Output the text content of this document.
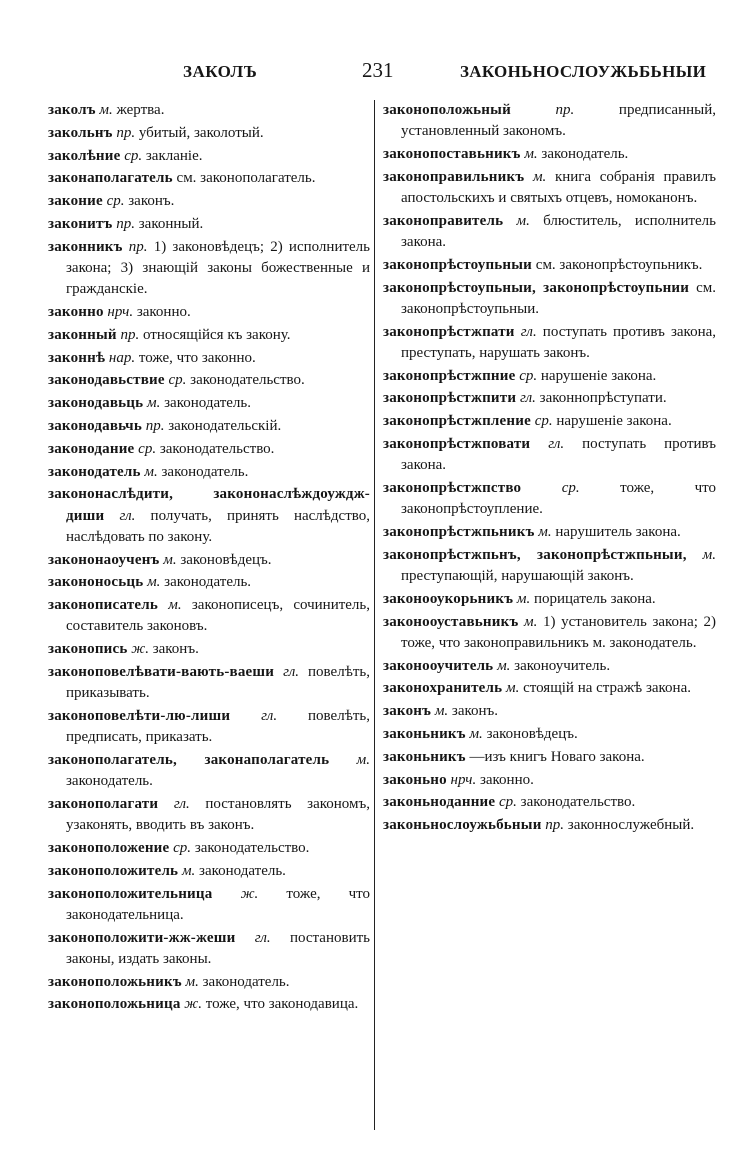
ЗАКОЛЪ	231	ЗАКОНЬНОСЛОУЖЬБЬНЫИ
заколъ м. жертва.
закольнъ пр. убитый, заколотый.
заколѣние ср. закланіе.
законаполагатель см. законополагатель.
законие ср. законъ.
законитъ пр. законный.
законникъ пр. 1) законовѣдецъ; 2) исполнитель закона; 3) знающій законы божественные и гражданскіе.
законно нрч. законно.
законный пр. относящійся къ закону.
законнѣ нар. тоже, что законно.
законодавьствие ср. законодательство.
законодавьць м. законодатель.
законодавьчь пр. законодательскій.
законодание ср. законодательство.
законодатель м. законодатель.
закононаслѣдити, закононаслѣждоуждж-диши гл. получать, принять наслѣдство, наслѣдовать по закону.
закононаоученъ м. законовѣдецъ.
закононосьць м. законодатель.
законописатель м. законописецъ, сочинитель, составитель законовъ.
законопись ж. законъ.
законоповелѣвати-вають-ваеши гл. повелѣть, приказывать.
законоповелѣти-лю-лиши гл. повелѣть, предписать, приказать.
законополагатель, законаполагатель м. законодатель.
законополагати гл. постановлять закономъ, узаконять, вводить въ законъ.
законоположение ср. законодательство.
законоположитель м. законодатель.
законоположительница ж. тоже, что законодательница.
законоположити-жж-жеши гл. постановить законы, издать законы.
законоположьникъ м. законодатель.
законоположьница ж. тоже, что законодавица.
законоположьный	пр.	предписанный, установленный закономъ.
законопоставьникъ м. законодатель.
законоправильникъ м. книга собранія правилъ апостольскихъ и святыхъ отцевъ, номоканонъ.
законоправитель м. блюститель, исполнитель закона.
законопрѣстоупьныи см. законопрѣстоупьникъ.
законопрѣстоупьныи, законопрѣстоупьнии см. законопрѣстоупьныи.
законопрѣстжпати гл. поступать противъ закона, преступать, нарушать законъ.
законопрѣстжпние ср. нарушеніе закона.
законопрѣстжпити гл. законнопрѣступати.
законопрѣстжпление ср. нарушеніе закона.
законопрѣстжповати гл. поступать противъ закона.
законопрѣстжпство	ср.	тоже, что законопрѣстоупление.
законопрѣстжпьникъ м. нарушитель закона.
законопрѣстжпьнъ, законопрѣстжпьныи, м. преступающій, нарушающій законъ.
законооукорьникъ м. порицатель закона.
законооуставьникъ м. 1) установитель закона; 2) тоже, что законоправильникъ м. законодатель.
законооучитель м. законоучитель.
законохранитель м. стоящій на стражѣ закона.
законъ м. законъ.
законьникъ м. законовѣдецъ.
законьникъ —изъ книгъ Новаго закона.
законьно нрч. законно.
законьноданние ср. законодательство.
законьнослоужьбьныи пр. законнослужебный.
